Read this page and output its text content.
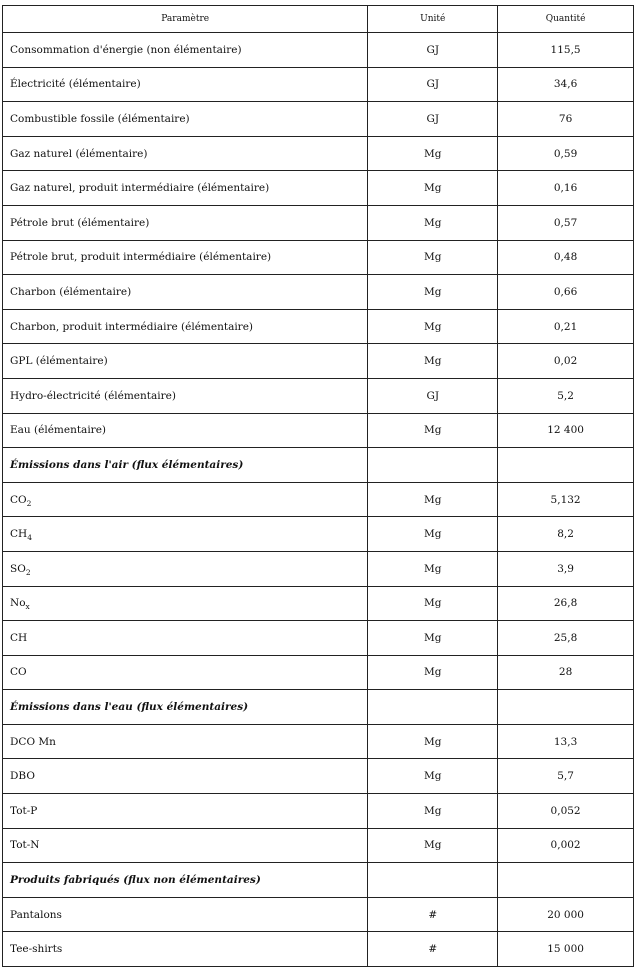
Paramètre	Unité	Quantité
Consommation d'énergie (non élémentaire)	GJ	115,5
Électricité (élémentaire)	GJ	34,6
Combustible fossile (élémentaire)	GJ	76
Gaz naturel (élémentaire)	Mg	0,59
Gaz naturel, produit intermédiaire (élémentaire)	Mg	0,16
Pétrole brut (élémentaire)	Mg	0,57
Pétrole brut, produit intermédiaire (élémentaire)	Mg	0,48
Charbon (élémentaire)	Mg	0,66
Charbon, produit intermédiaire (élémentaire)	Mg	0,21
GPL (élémentaire)	Mg	0,02
Hydro-électricité (élémentaire)	GJ	5,2
Eau (élémentaire)	Mg	12 400
Émissions dans l'air (flux élémentaires)		
$CO_2$	Mg	5,132
$CH_4$	Mg	8,2
$SO_2$	Mg	3,9
$No_x$	Mg	26,8
CH	Mg	25,8
CO	Mg	28
Émissions dans l'eau (flux élémentaires)		
DCO Mn	Mg	13,3
DBO	Mg	5,7
Tot-P	Mg	0,052
Tot-N	Mg	0,002
Produits fabriqués (flux non élémentaires)		
Pantalons	#	20 000
Tee-shirts	#	15 000
